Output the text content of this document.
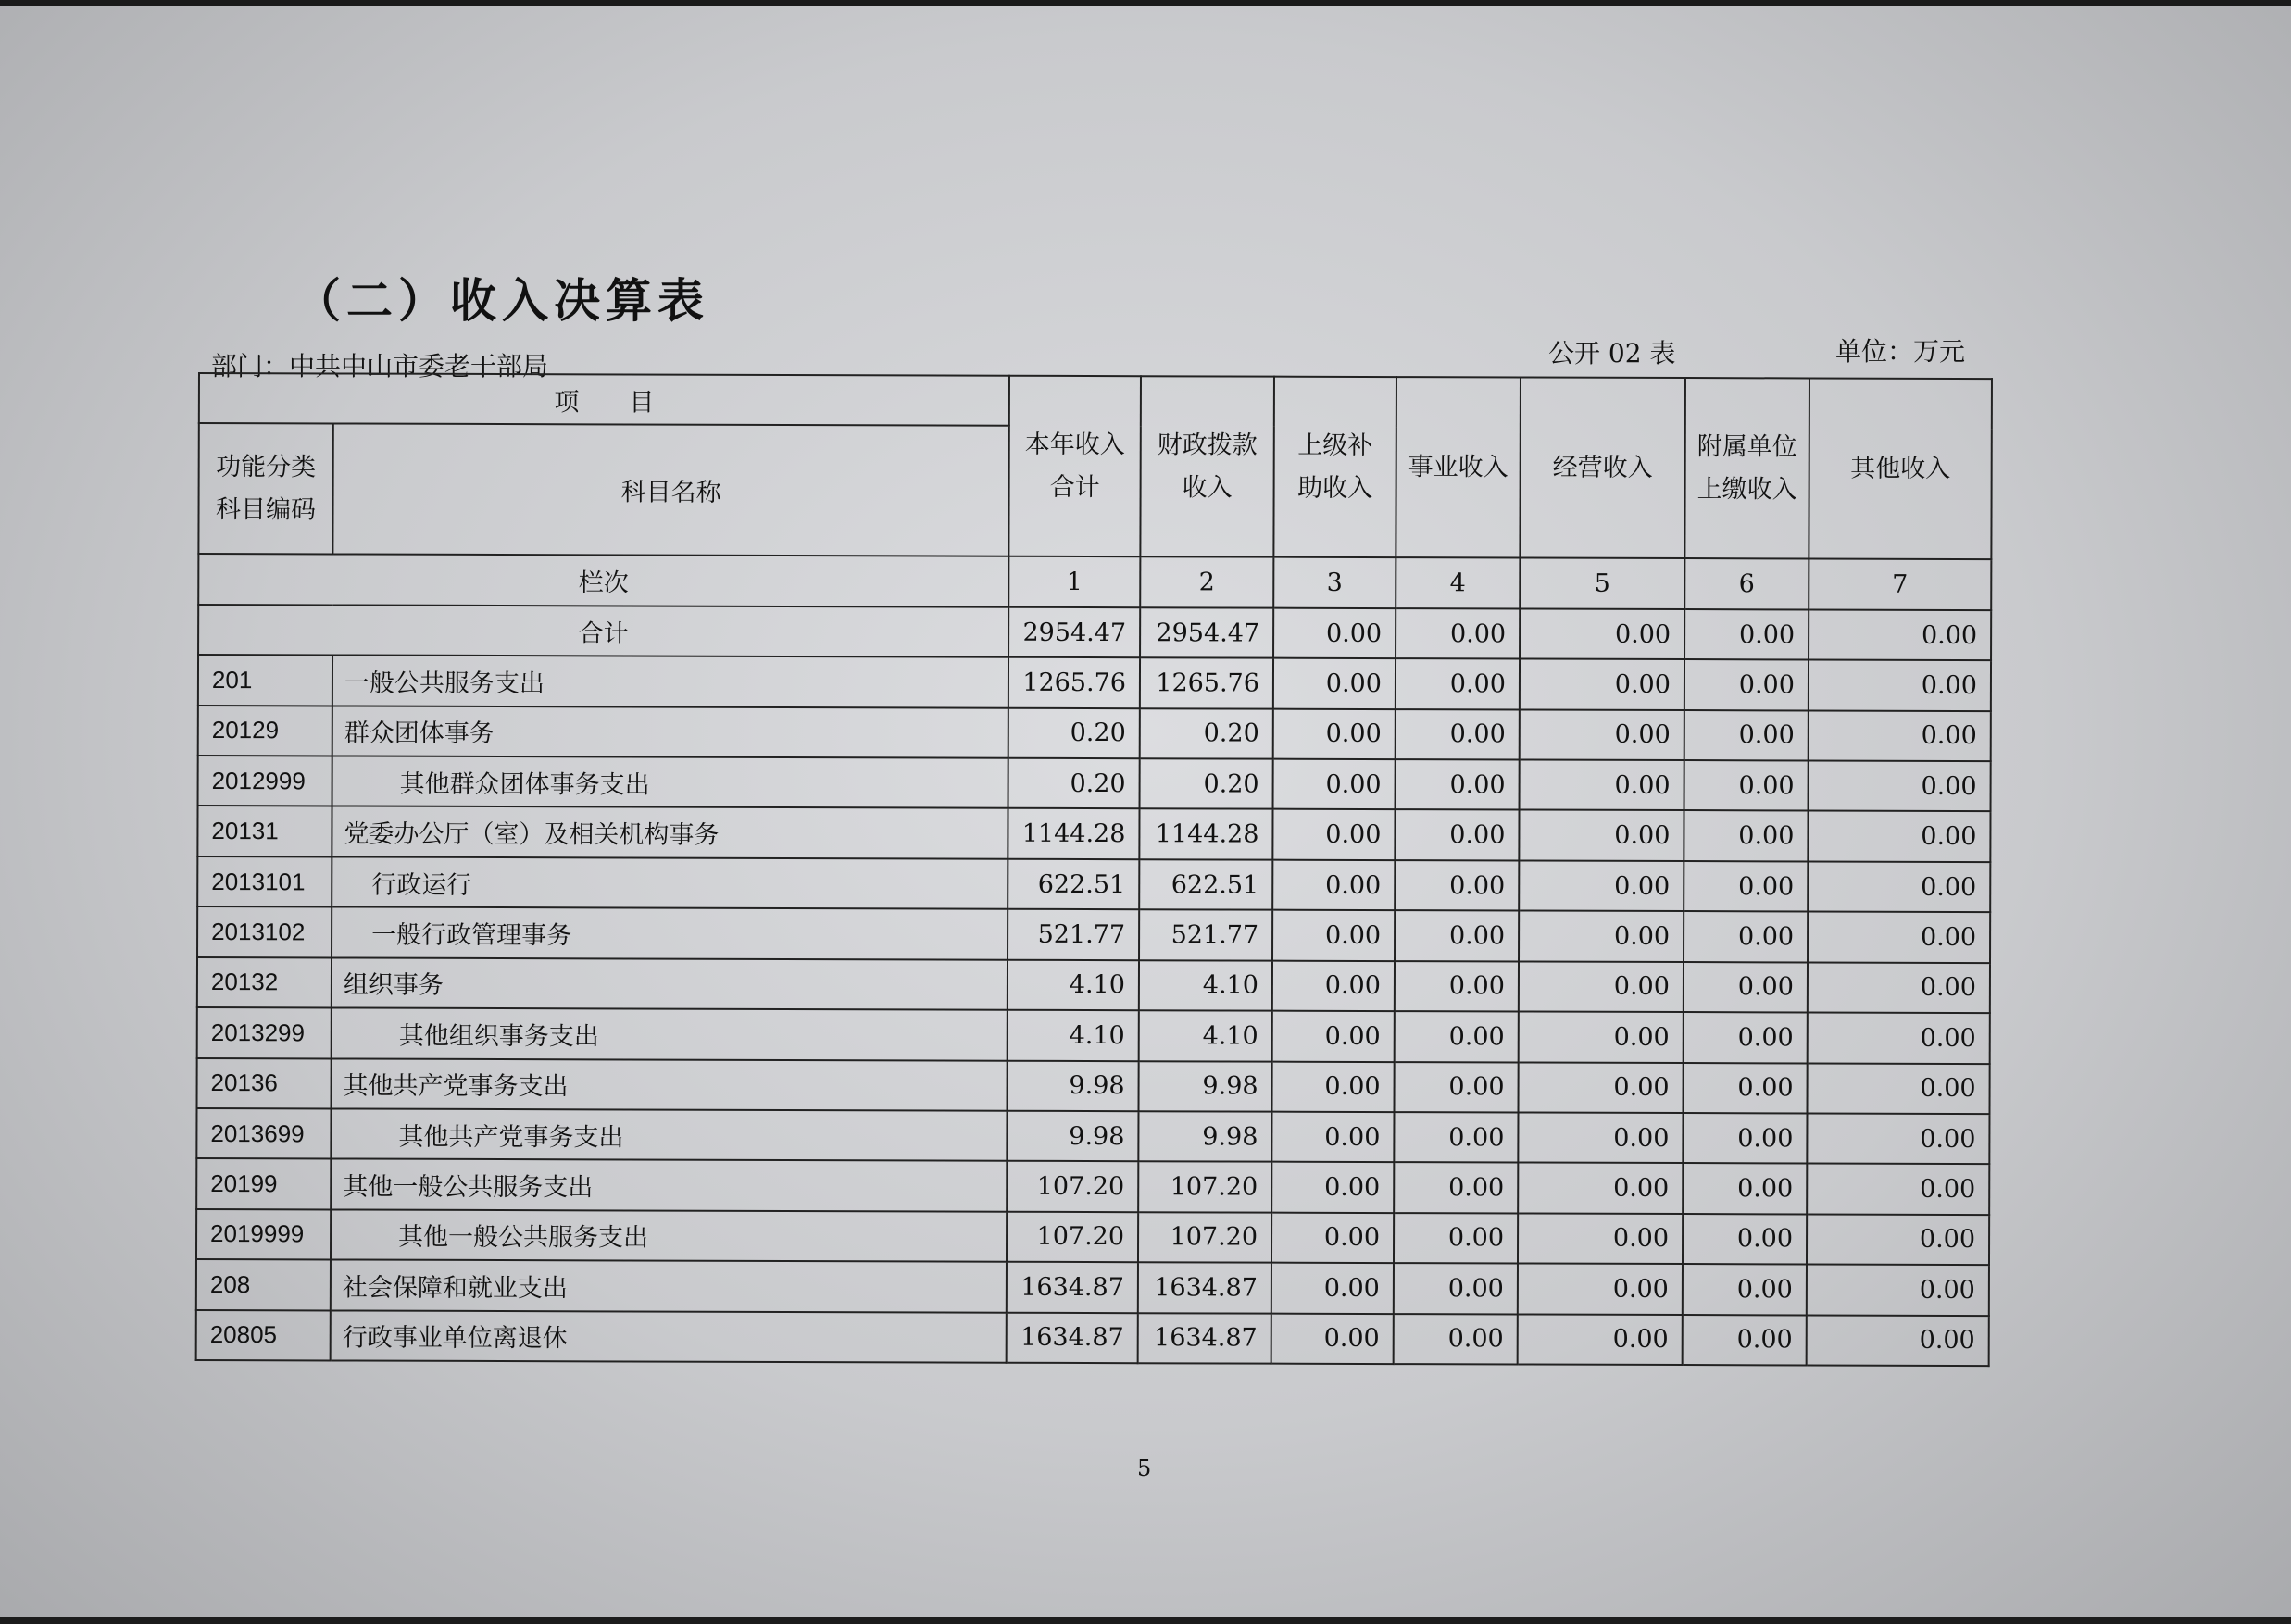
（二）收入决算表
部门：中共中山市委老干部局	公开 02 表	单位：万元
项　　目		本年收入合计	财政拨款收入	上级补助收入	事业收入	经营收入	附属单位上缴收入	其他收入
功能分类科目编码	科目名称							
栏次		1	2	3	4	5	6	7
合计		2954.47	2954.47	0.00	0.00	0.00	0.00	0.00
201	一般公共服务支出	1265.76	1265.76	0.00	0.00	0.00	0.00	0.00
20129	群众团体事务	0.20	0.20	0.00	0.00	0.00	0.00	0.00
2012999	其他群众团体事务支出	0.20	0.20	0.00	0.00	0.00	0.00	0.00
20131	党委办公厅（室）及相关机构事务	1144.28	1144.28	0.00	0.00	0.00	0.00	0.00
2013101	行政运行	622.51	622.51	0.00	0.00	0.00	0.00	0.00
2013102	一般行政管理事务	521.77	521.77	0.00	0.00	0.00	0.00	0.00
20132	组织事务	4.10	4.10	0.00	0.00	0.00	0.00	0.00
2013299	其他组织事务支出	4.10	4.10	0.00	0.00	0.00	0.00	0.00
20136	其他共产党事务支出	9.98	9.98	0.00	0.00	0.00	0.00	0.00
2013699	其他共产党事务支出	9.98	9.98	0.00	0.00	0.00	0.00	0.00
20199	其他一般公共服务支出	107.20	107.20	0.00	0.00	0.00	0.00	0.00
2019999	其他一般公共服务支出	107.20	107.20	0.00	0.00	0.00	0.00	0.00
208	社会保障和就业支出	1634.87	1634.87	0.00	0.00	0.00	0.00	0.00
20805	行政事业单位离退休	1634.87	1634.87	0.00	0.00	0.00	0.00	0.00
5
